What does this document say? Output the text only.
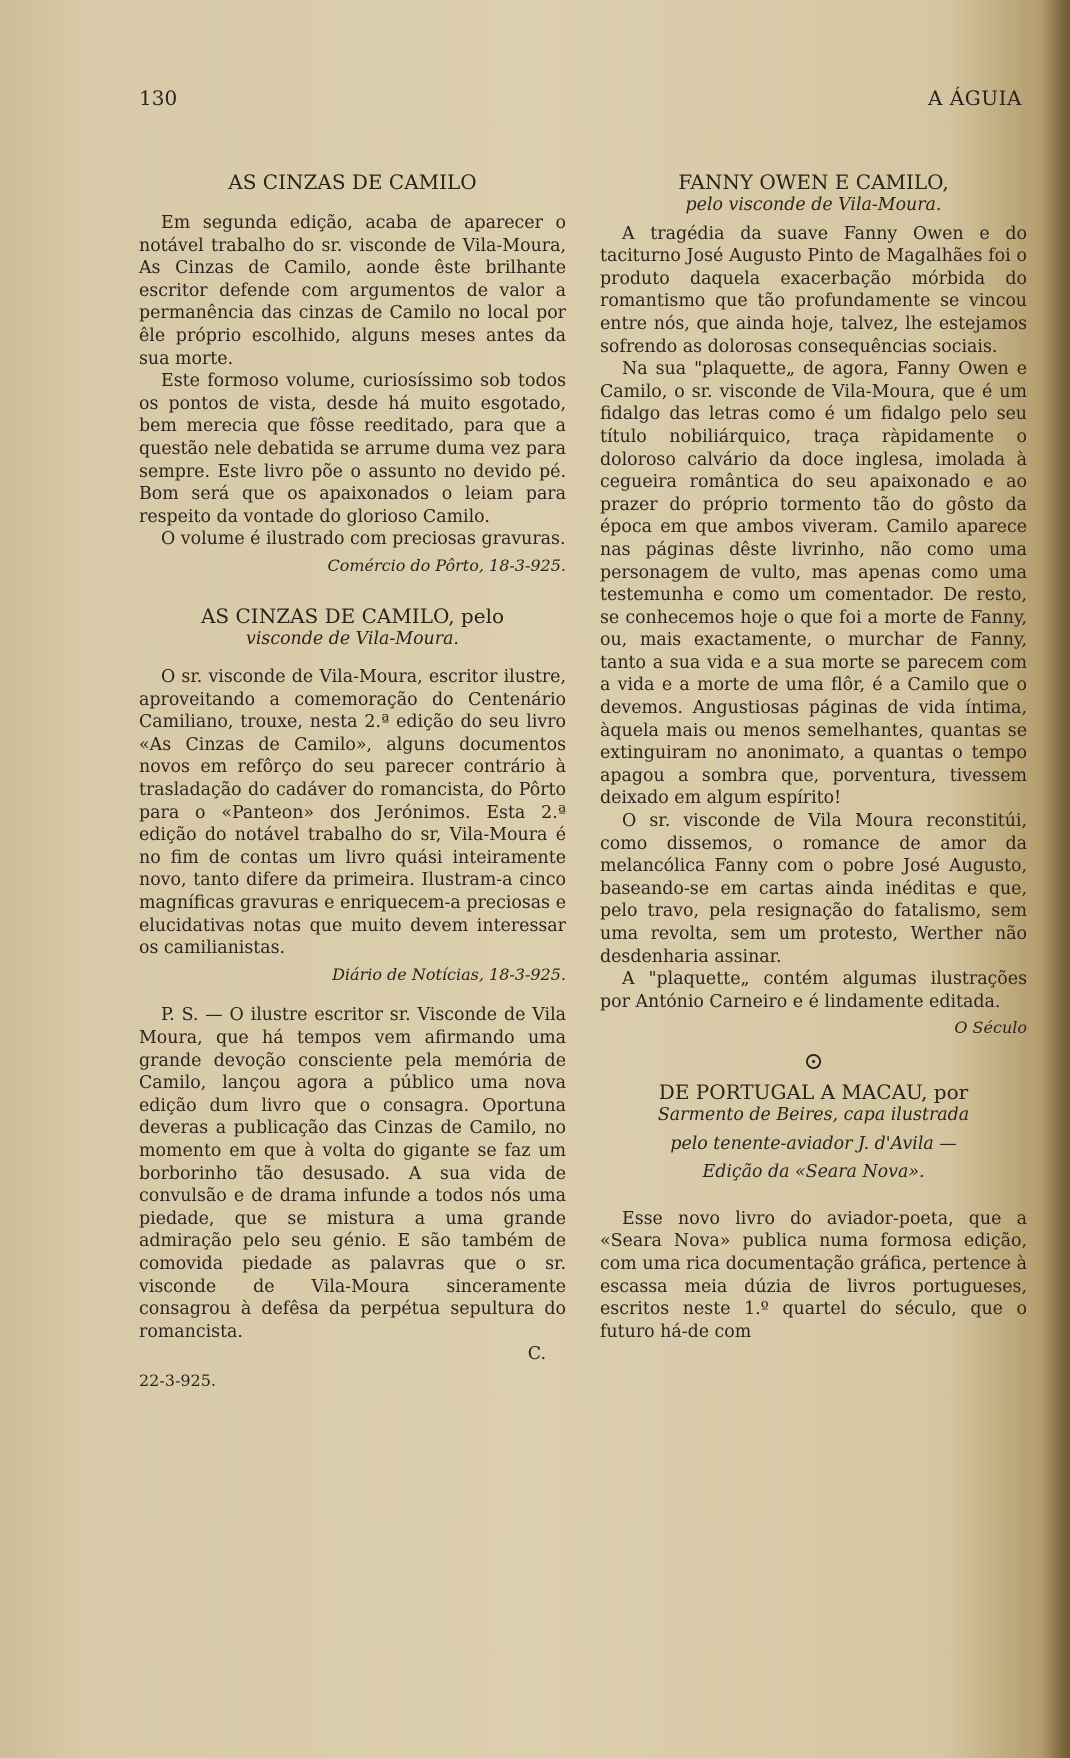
130	A ÁGUIA
AS CINZAS DE CAMILO

Em segunda edição, acaba de aparecer o notável trabalho do sr. visconde de Vila-Moura, As Cinzas de Camilo, aonde êste brilhante escritor defende com argumentos de valor a permanência das cinzas de Camilo no local por êle próprio escolhido, alguns meses antes da sua morte.

Este formoso volume, curiosíssimo sob todos os pontos de vista, desde há muito esgotado, bem merecia que fôsse reeditado, para que a questão nele debatida se arrume duma vez para sempre. Este livro põe o assunto no devido pé. Bom será que os apaixonados o leiam para respeito da vontade do glorioso Camilo.

O volume é ilustrado com preciosas gravuras.

Comércio do Pôrto, 18-3-925.

AS CINZAS DE CAMILO, pelo

visconde de Vila-Moura.

O sr. visconde de Vila-Moura, escritor ilustre, aproveitando a comemoração do Centenário Camiliano, trouxe, nesta 2.ª edição do seu livro «As Cinzas de Camilo», alguns documentos novos em refôrço do seu parecer contrário à trasladação do cadáver do romancista, do Pôrto para o «Panteon» dos Jerónimos. Esta 2.ª edição do notável trabalho do sr, Vila-Moura é no fim de contas um livro quási inteiramente novo, tanto difere da primeira. Ilustram-a cinco magníficas gravuras e enriquecem-a preciosas e elucidativas notas que muito devem interessar os camilianistas.

Diário de Notícias, 18-3-925.

P. S. — O ilustre escritor sr. Visconde de Vila Moura, que há tempos vem afirmando uma grande devoção consciente pela memória de Camilo, lançou agora a público uma nova edição dum livro que o consagra. Oportuna deveras a publicação das Cinzas de Camilo, no momento em que à volta do gigante se faz um borborinho tão desusado. A sua vida de convulsão e de drama infunde a todos nós uma piedade, que se mistura a uma grande admiração pelo seu génio. E são também de comovida piedade as palavras que o sr. visconde de Vila-Moura sinceramente consagrou à defêsa da perpétua sepultura do romancista.

C.

22-3-925.

FANNY OWEN E CAMILO,

pelo visconde de Vila-Moura.

A tragédia da suave Fanny Owen e do taciturno José Augusto Pinto de Magalhães foi o produto daquela exacerbação mórbida do romantismo que tão profundamente se vincou entre nós, que ainda hoje, talvez, lhe estejamos sofrendo as dolorosas consequências sociais.

Na sua "plaquette„ de agora, Fanny Owen e Camilo, o sr. visconde de Vila-Moura, que é um fidalgo das letras como é um fidalgo pelo seu título nobiliárquico, traça ràpidamente o doloroso calvário da doce inglesa, imolada à cegueira romântica do seu apaixonado e ao prazer do próprio tormento tão do gôsto da época em que ambos viveram. Camilo aparece nas páginas dêste livrinho, não como uma personagem de vulto, mas apenas como uma testemunha e como um comentador. De resto, se conhecemos hoje o que foi a morte de Fanny, ou, mais exactamente, o murchar de Fanny, tanto a sua vida e a sua morte se parecem com a vida e a morte de uma flôr, é a Camilo que o devemos. Angustiosas páginas de vida íntima, àquela mais ou menos semelhantes, quantas se extinguiram no anonimato, a quantas o tempo apagou a sombra que, porventura, tivessem deixado em algum espírito!

O sr. visconde de Vila Moura reconstitúi, como dissemos, o romance de amor da melancólica Fanny com o pobre José Augusto, baseando-se em cartas ainda inéditas e que, pelo travo, pela resignação do fatalismo, sem uma revolta, sem um protesto, Werther não desdenharia assinar.

A "plaquette„ contém algumas ilustrações por António Carneiro e é lindamente editada.

O Século

⊙
DE PORTUGAL A MACAU, por

Sarmento de Beires, capa ilustrada

pelo tenente-aviador J. d'Avila —

Edição da «Seara Nova».

Esse novo livro do aviador-poeta, que a «Seara Nova» publica numa formosa edição, com uma rica documentação gráfica, pertence à escassa meia dúzia de livros portugueses, escritos neste 1.º quartel do século, que o futuro há-de com
